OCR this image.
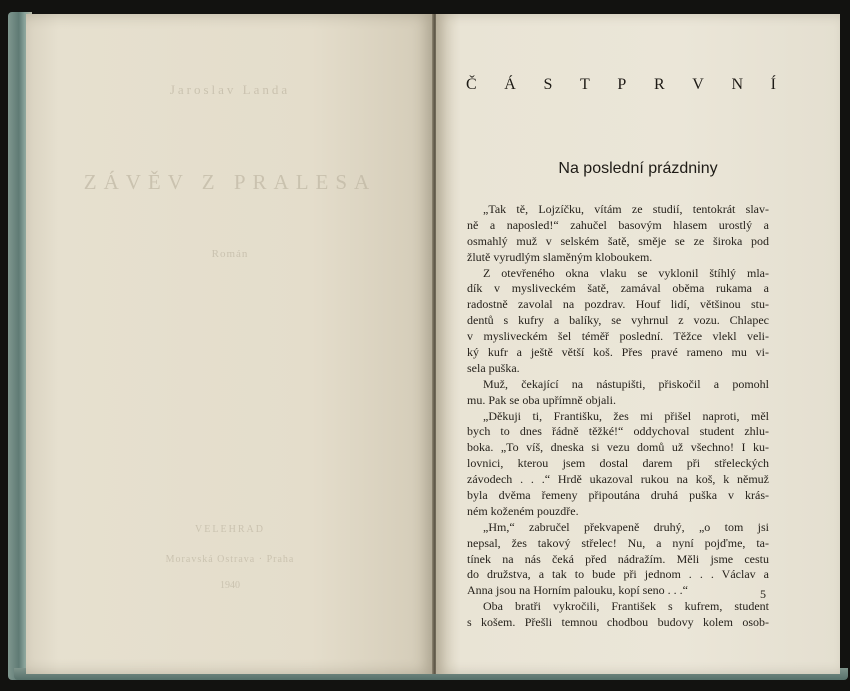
Jaroslav Landa
ZÁVĚV Z PRALESA
Román
VELEHRAD
Moravská Ostrava · Praha
1940
Č Á S T P R V N Í
Na poslední prázdniny
„Tak tě, Lojzíčku, vítám ze studií, tentokrát slav-
ně a naposled!“ zahučel basovým hlasem urostlý a
osmahlý muž v selském šatě, směje se ze široka pod
žlutě vyrudlým slaměným kloboukem.
Z otevřeného okna vlaku se vyklonil štíhlý mla-
dík v mysliveckém šatě, zamával oběma rukama a
radostně zavolal na pozdrav. Houf lidí, většinou stu-
dentů s kufry a balíky, se vyhrnul z vozu. Chlapec
v mysliveckém šel téměř poslední. Těžce vlekl veli-
ký kufr a ještě větší koš. Přes pravé rameno mu vi-
sela puška.
Muž, čekající na nástupišti, přiskočil a pomohl
mu. Pak se oba upřímně objali.
„Děkuji ti, Františku, žes mi přišel naproti, měl
bych to dnes řádně těžké!“ oddychoval student zhlu-
boka. „To víš, dneska si vezu domů už všechno! I ku-
lovnici, kterou jsem dostal darem při střeleckých
závodech . . .“ Hrdě ukazoval rukou na koš, k němuž
byla dvěma řemeny připoutána druhá puška v krás-
ném koženém pouzdře.
„Hm,“ zabručel překvapeně druhý, „o tom jsi
nepsal, žes takový střelec! Nu, a nyní pojďme, ta-
tínek na nás čeká před nádražím. Měli jsme cestu
do družstva, a tak to bude při jednom . . . Václav a
Anna jsou na Horním palouku, kopí seno . . .“
Oba bratři vykročili, František s kufrem, student
s košem. Přešli temnou chodbou budovy kolem osob-
5
